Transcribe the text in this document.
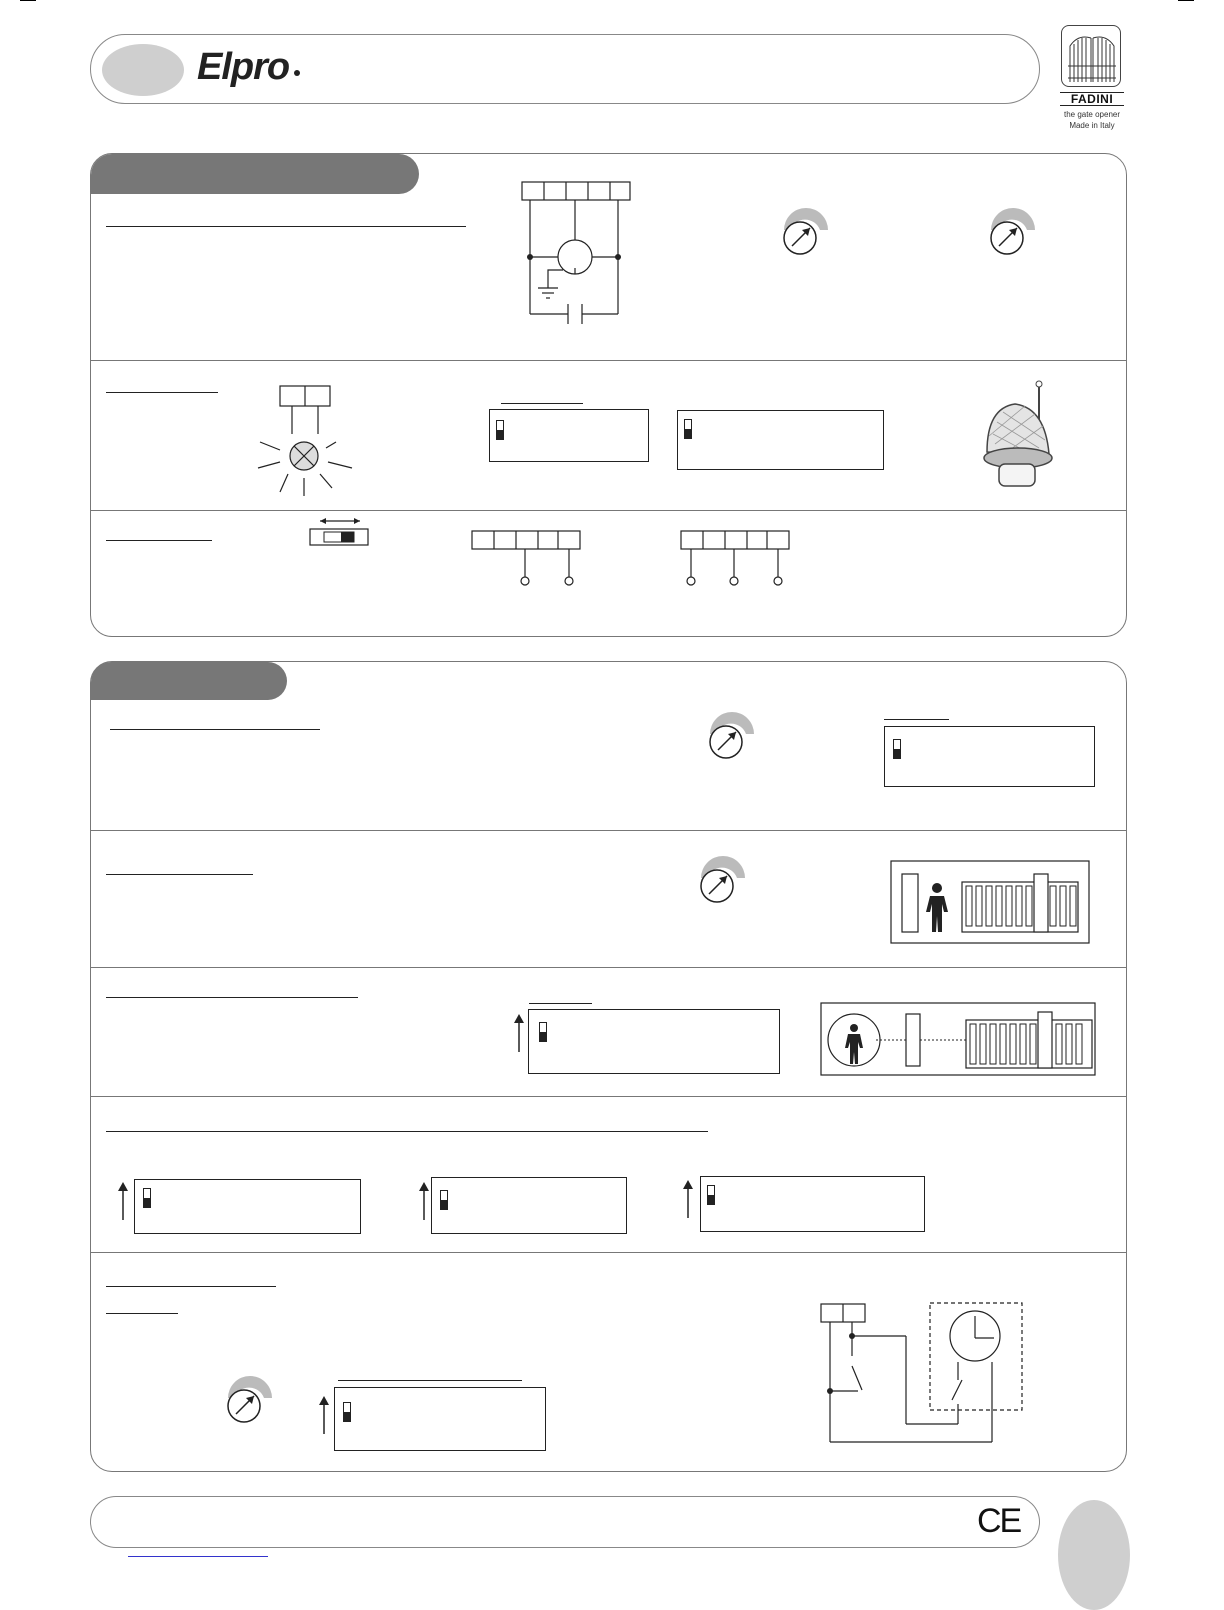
Elpro
FADINI
the gate opener
Made in Italy
CE
